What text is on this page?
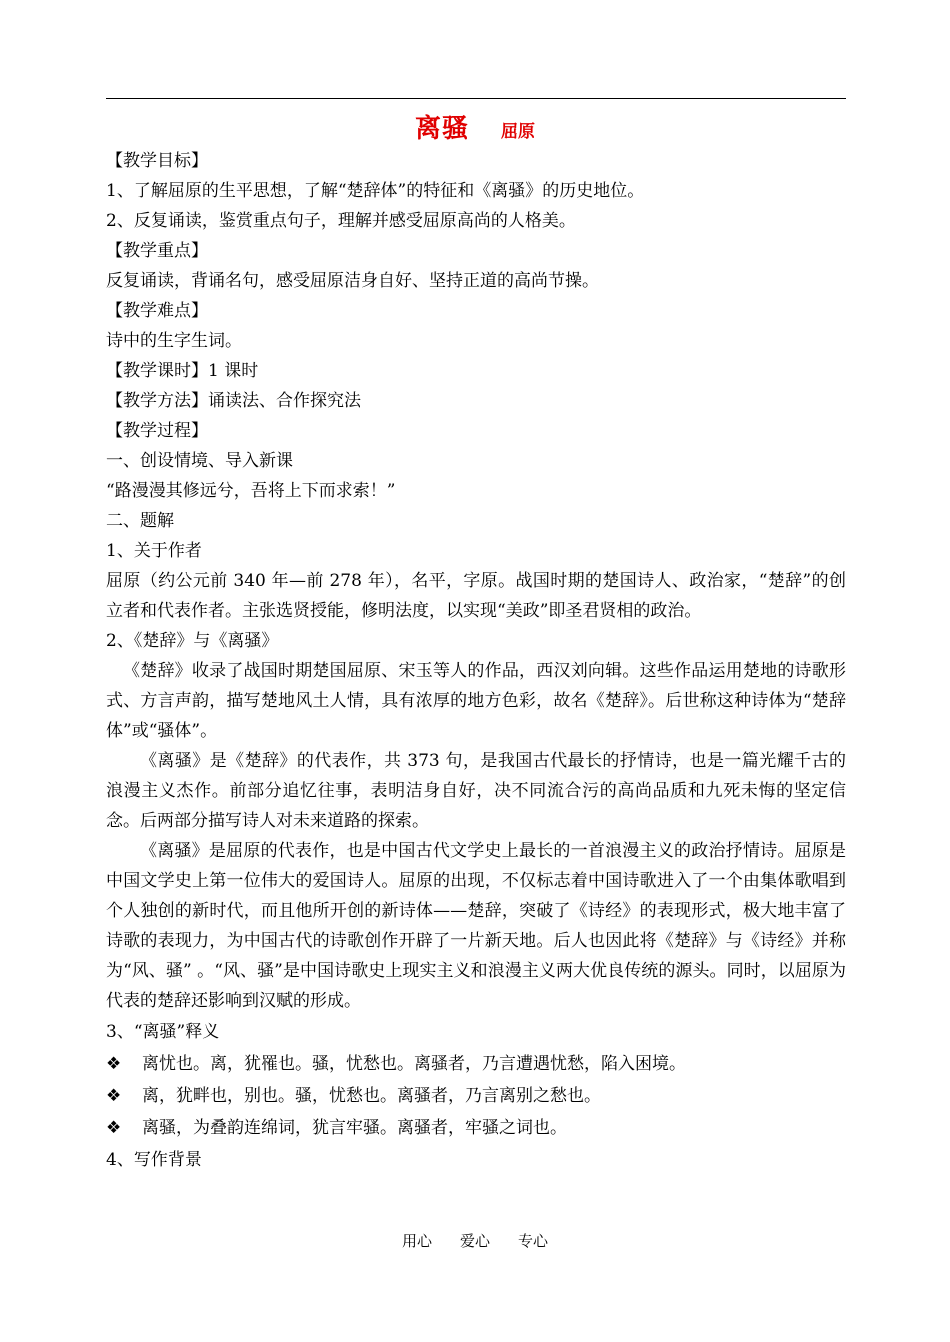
离骚 屈原
【教学目标】
1、了解屈原的生平思想，了解“楚辞体”的特征和《离骚》的历史地位。
2、反复诵读，鉴赏重点句子，理解并感受屈原高尚的人格美。
【教学重点】
反复诵读，背诵名句，感受屈原洁身自好、坚持正道的高尚节操。
【教学难点】
诗中的生字生词。
【教学课时】1 课时
【教学方法】诵读法、合作探究法
【教学过程】
一、创设情境、导入新课
“路漫漫其修远兮，吾将上下而求索！”
二、题解
1、关于作者
屈原（约公元前 340 年—前 278 年），名平，字原。战国时期的楚国诗人、政治家，“楚辞”的创立者和代表作者。主张选贤授能，修明法度，以实现“美政”即圣君贤相的政治。
2、《楚辞》与《离骚》
《楚辞》收录了战国时期楚国屈原、宋玉等人的作品，西汉刘向辑。这些作品运用楚地的诗歌形式、方言声韵，描写楚地风土人情，具有浓厚的地方色彩，故名《楚辞》。后世称这种诗体为“楚辞体”或“骚体”。
《离骚》是《楚辞》的代表作，共 373 句，是我国古代最长的抒情诗，也是一篇光耀千古的浪漫主义杰作。前部分追忆往事，表明洁身自好，决不同流合污的高尚品质和九死未悔的坚定信念。后两部分描写诗人对未来道路的探索。
《离骚》是屈原的代表作，也是中国古代文学史上最长的一首浪漫主义的政治抒情诗。屈原是中国文学史上第一位伟大的爱国诗人。屈原的出现，不仅标志着中国诗歌进入了一个由集体歌唱到个人独创的新时代，而且他所开创的新诗体——楚辞，突破了《诗经》的表现形式，极大地丰富了诗歌的表现力，为中国古代的诗歌创作开辟了一片新天地。后人也因此将《楚辞》与《诗经》并称为“风、骚” 。“风、骚”是中国诗歌史上现实主义和浪漫主义两大优良传统的源头。同时，以屈原为代表的楚辞还影响到汉赋的形成。
3、“离骚”释义
❖ 离忧也。离，犹罹也。骚，忧愁也。离骚者，乃言遭遇忧愁，陷入困境。
❖ 离，犹畔也，别也。骚，忧愁也。离骚者，乃言离别之愁也。
❖ 离骚，为叠韵连绵词，犹言牢骚。离骚者，牢骚之词也。
4、写作背景
用心 爱心 专心
